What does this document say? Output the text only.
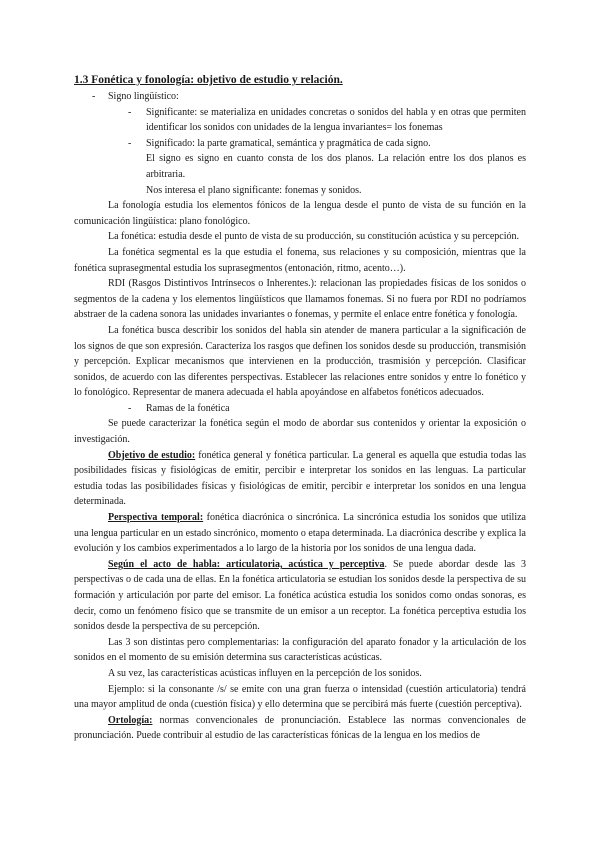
1.3 Fonética y fonología: objetivo de estudio y relación.
- Signo lingüístico:
- Significante: se materializa en unidades concretas o sonidos del habla y en otras que permiten identificar los sonidos con unidades de la lengua invariantes= los fonemas
- Significado: la parte gramatical, semántica y pragmática de cada signo.
El signo es signo en cuanto consta de los dos planos. La relación entre los dos planos es arbitraria.
Nos interesa el plano significante: fonemas y sonidos.

La fonología estudia los elementos fónicos de la lengua desde el punto de vista de su función en la comunicación lingüística: plano fonológico.

La fonética: estudia desde el punto de vista de su producción, su constitución acústica y su percepción.

La fonética segmental es la que estudia el fonema, sus relaciones y su composición, mientras que la fonética suprasegmental estudia los suprasegmentos (entonación, ritmo, acento…).

RDI (Rasgos Distintivos Intrínsecos o Inherentes.): relacionan las propiedades físicas de los sonidos o segmentos de la cadena y los elementos lingüísticos que llamamos fonemas. Si no fuera por RDI no podríamos abstraer de la cadena sonora las unidades invariantes o fonemas, y permite el enlace entre fonética y fonología.

La fonética busca describir los sonidos del habla sin atender de manera particular a la significación de los signos de que son expresión. Caracteriza los rasgos que definen los sonidos desde su producción, transmisión y percepción. Explicar mecanismos que intervienen en la producción, trasmisión y percepción. Clasificar sonidos, de acuerdo con las diferentes perspectivas. Establecer las relaciones entre sonidos y entre lo fonético y lo fonológico. Representar de manera adecuada el habla apoyándose en alfabetos fonéticos adecuados.

- Ramas de la fonética

Se puede caracterizar la fonética según el modo de abordar sus contenidos y orientar la exposición o investigación.

Objetivo de estudio: fonética general y fonética particular. La general es aquella que estudia todas las posibilidades físicas y fisiológicas de emitir, percibir e interpretar los sonidos en las lenguas. La particular estudia todas las posibilidades físicas y fisiológicas de emitir, percibir e interpretar los sonidos en una lengua determinada.

Perspectiva temporal: fonética diacrónica o sincrónica. La sincrónica estudia los sonidos que utiliza una lengua particular en un estado sincrónico, momento o etapa determinada. La diacrónica describe y explica la evolución y los cambios experimentados a lo largo de la historia por los sonidos de una lengua dada.

Según el acto de habla: articulatoria, acústica y perceptiva. Se puede abordar desde las 3 perspectivas o de cada una de ellas. En la fonética articulatoria se estudian los sonidos desde la perspectiva de su formación y articulación por parte del emisor. La fonética acústica estudia los sonidos como ondas sonoras, es decir, como un fenómeno físico que se transmite de un emisor a un receptor. La fonética perceptiva estudia los sonidos desde la perspectiva de su percepción.

Las 3 son distintas pero complementarias: la configuración del aparato fonador y la articulación de los sonidos en el momento de su emisión determina sus características acústicas.

A su vez, las características acústicas influyen en la percepción de los sonidos.

Ejemplo: si la consonante /s/ se emite con una gran fuerza o intensidad (cuestión articulatoria) tendrá una mayor amplitud de onda (cuestión física) y ello determina que se percibirá más fuerte (cuestión perceptiva).

Ortología: normas convencionales de pronunciación. Establece las normas convencionales de pronunciación. Puede contribuir al estudio de las características fónicas de la lengua en los medios de
